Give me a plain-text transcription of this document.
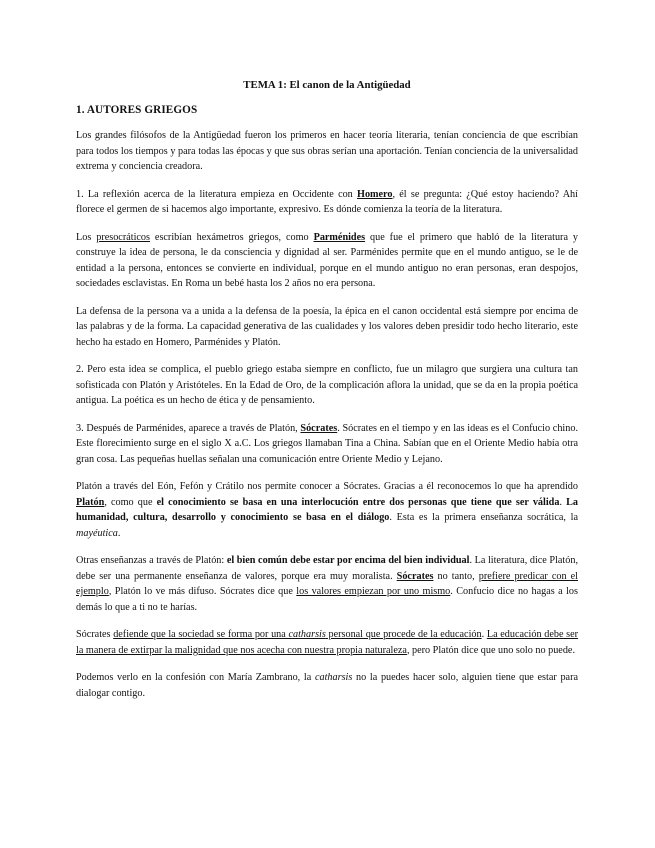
TEMA 1: El canon de la Antigüedad
1. AUTORES GRIEGOS

Los grandes filósofos de la Antigüedad fueron los primeros en hacer teoría literaria, tenían conciencia de que escribían para todos los tiempos y para todas las épocas y que sus obras serían una aportación. Tenían conciencia de la universalidad extrema y conciencia creadora.

1. La reflexión acerca de la literatura empieza en Occidente con Homero, él se pregunta: ¿Qué estoy haciendo? Ahí florece el germen de si hacemos algo importante, expresivo. Es dónde comienza la teoría de la literatura.

Los presocráticos escribían hexámetros griegos, como Parménides que fue el primero que habló de la literatura y construye la idea de persona, le da consciencia y dignidad al ser. Parménides permite que en el mundo antiguo, se le de entidad a la persona, entonces se convierte en individual, porque en el mundo antiguo no eran personas, eran despojos, sociedades esclavistas. En Roma un bebé hasta los 2 años no era persona.

La defensa de la persona va a unida a la defensa de la poesía, la épica en el canon occidental está siempre por encima de las palabras y de la forma. La capacidad generativa de las cualidades y los valores deben presidir todo hecho literario, este hecho ha estado en Homero, Parménides y Platón.

2. Pero esta idea se complica, el pueblo griego estaba siempre en conflicto, fue un milagro que surgiera una cultura tan sofisticada con Platón y Aristóteles. En la Edad de Oro, de la complicación aflora la unidad, que se da en la propia poética antigua. La poética es un hecho de ética y de pensamiento.

3. Después de Parménides, aparece a través de Platón, Sócrates. Sócrates en el tiempo y en las ideas es el Confucio chino. Este florecimiento surge en el siglo X a.C. Los griegos llamaban Tina a China. Sabían que en el Oriente Medio había otra gran cosa. Las pequeñas huellas señalan una comunicación entre Oriente Medio y Lejano.

Platón a través del Eón, Fefón y Crátilo nos permite conocer a Sócrates. Gracias a él reconocemos lo que ha aprendido Platón, como que el conocimiento se basa en una interlocución entre dos personas que tiene que ser válida. La humanidad, cultura, desarrollo y conocimiento se basa en el diálogo. Esta es la primera enseñanza socrática, la mayéutica.

Otras enseñanzas a través de Platón: el bien común debe estar por encima del bien individual. La literatura, dice Platón, debe ser una permanente enseñanza de valores, porque era muy moralista. Sócrates no tanto, prefiere predicar con el ejemplo, Platón lo ve más difuso. Sócrates dice que los valores empiezan por uno mismo. Confucio dice no hagas a los demás lo que a ti no te harías.

Sócrates defiende que la sociedad se forma por una catharsis personal que procede de la educación. La educación debe ser la manera de extirpar la malignidad que nos acecha con nuestra propia naturaleza, pero Platón dice que uno solo no puede.

Podemos verlo en la confesión con María Zambrano, la catharsis no la puedes hacer solo, alguien tiene que estar para dialogar contigo.
